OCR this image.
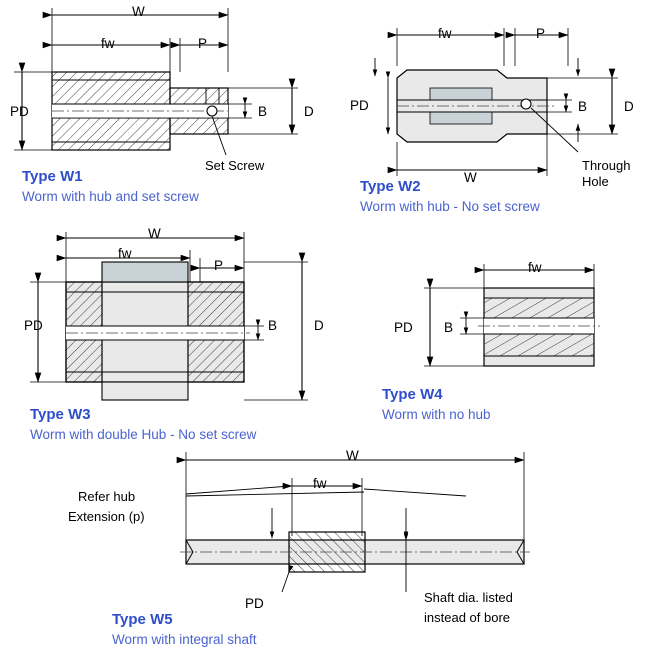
W
fw	P
PD	B	D
Set Screw
Type W1
Worm with hub and set screw
fw	P
PD	B	D
W
Through
Hole
Type W2
Worm with hub - No set screw
W
fw
P
PD	B	D
Type W3
Worm with double Hub - No set screw
fw
PD B
Type W4
Worm with no hub
W
fw
Refer hub
Extension (p)
PD	Shaft dia. listed
instead of bore
Type W5
Worm with integral shaft
